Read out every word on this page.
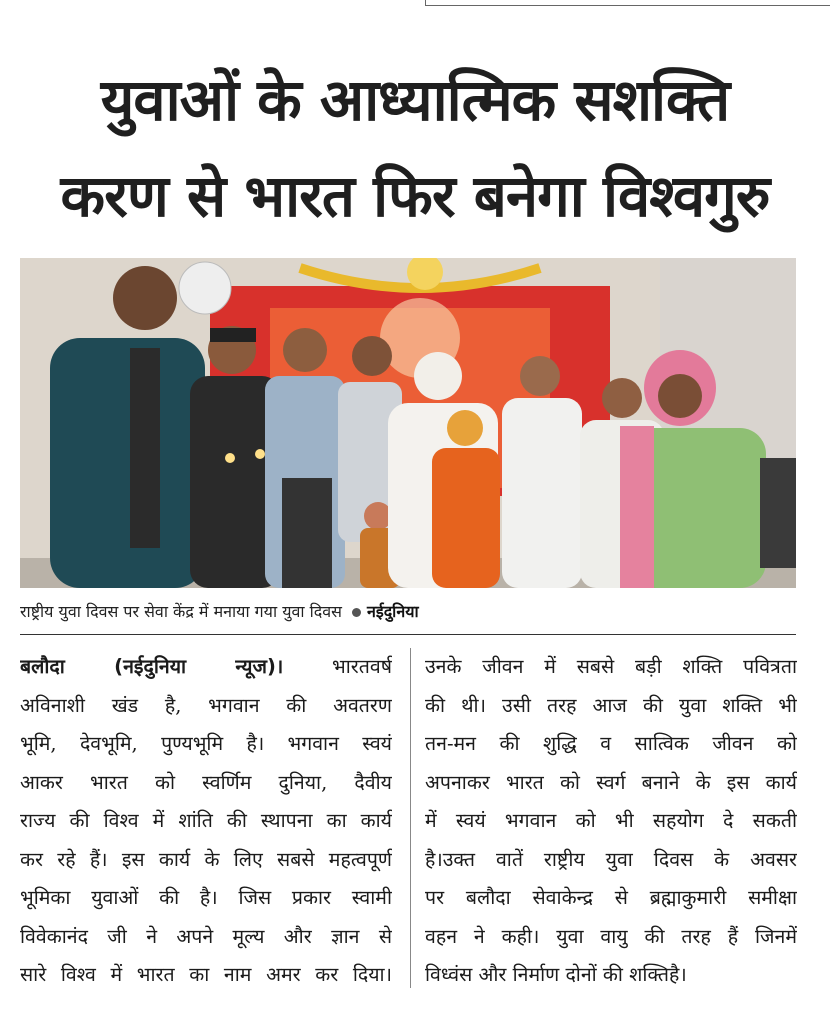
युवाओं के आध्यात्मिक सशक्ति
करण से भारत फिर बनेगा विश्वगुरु
राष्ट्रीय युवा दिवस पर सेवा केंद्र में मनाया गया युवा दिवस नईदुनिया
बलौदा (नईदुनिया न्यूज)। भारतवर्ष
अविनाशी खंड है, भगवान की अवतरण
भूमि, देवभूमि, पुण्यभूमि है। भगवान स्वयं
आकर भारत को स्वर्णिम दुनिया, दैवीय
राज्य की विश्व में शांति की स्थापना का कार्य
कर रहे हैं। इस कार्य के लिए सबसे महत्वपूर्ण
भूमिका युवाओं की है। जिस प्रकार स्वामी
विवेकानंद जी ने अपने मूल्य और ज्ञान से
सारे विश्व में भारत का नाम अमर कर दिया।
उनके जीवन में सबसे बड़ी शक्ति पवित्रता
की थी। उसी तरह आज की युवा शक्ति भी
तन-मन की शुद्धि व सात्विक जीवन को
अपनाकर भारत को स्वर्ग बनाने के इस कार्य
में स्वयं भगवान को भी सहयोग दे सकती
है।उक्त वातें राष्ट्रीय युवा दिवस के अवसर
पर बलौदा सेवाकेन्द्र से ब्रह्माकुमारी समीक्षा
वहन ने कही। युवा वायु की तरह हैं जिनमें
विध्वंस और निर्माण दोनों की शक्तिहै।
